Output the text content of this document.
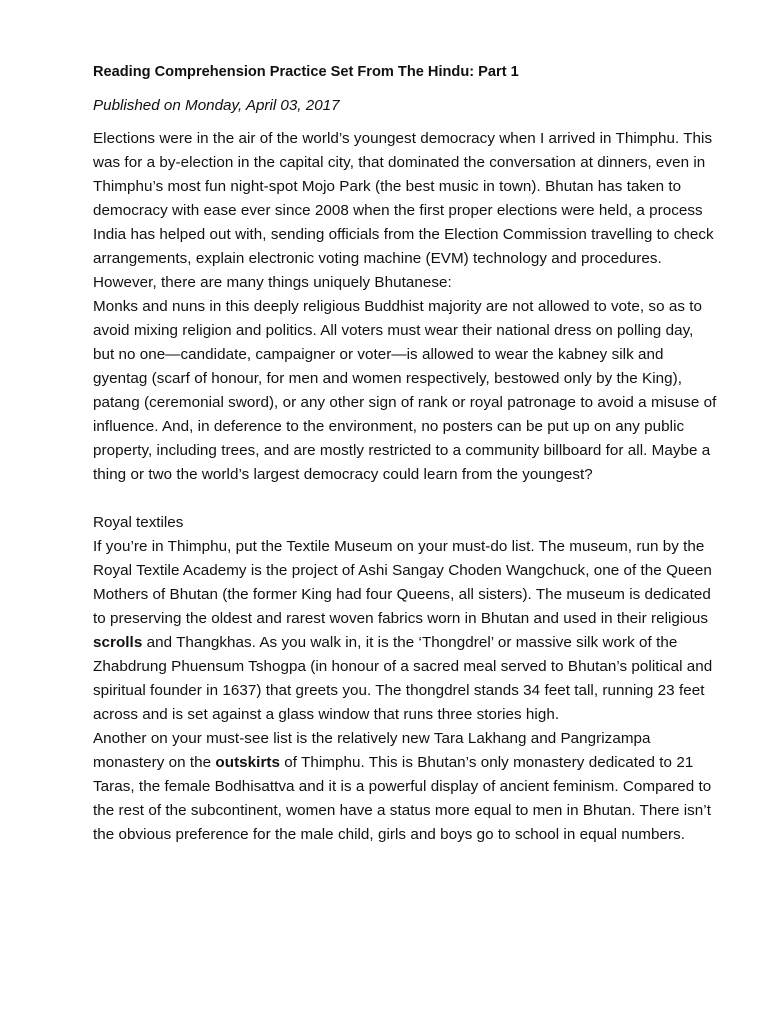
Reading Comprehension Practice Set From The Hindu: Part 1
Published on Monday, April 03, 2017

Elections were in the air of the world’s youngest democracy when I arrived in Thimphu. This was for a by-election in the capital city, that dominated the conversation at dinners, even in Thimphu’s most fun night-spot Mojo Park (the best music in town). Bhutan has taken to democracy with ease ever since 2008 when the first proper elections were held, a process India has helped out with, sending officials from the Election Commission travelling to check arrangements, explain electronic voting machine (EVM) technology and procedures. However, there are many things uniquely Bhutanese:

Monks and nuns in this deeply religious Buddhist majority are not allowed to vote, so as to avoid mixing religion and politics. All voters must wear their national dress on polling day, but no one—candidate, campaigner or voter—is allowed to wear the kabney silk and gyentag (scarf of honour, for men and women respectively, bestowed only by the King), patang (ceremonial sword), or any other sign of rank or royal patronage to avoid a misuse of influence. And, in deference to the environment, no posters can be put up on any public property, including trees, and are mostly restricted to a community billboard for all. Maybe a thing or two the world’s largest democracy could learn from the youngest?

Royal textiles

If you’re in Thimphu, put the Textile Museum on your must-do list. The museum, run by the Royal Textile Academy is the project of Ashi Sangay Choden Wangchuck, one of the Queen Mothers of Bhutan (the former King had four Queens, all sisters). The museum is dedicated to preserving the oldest and rarest woven fabrics worn in Bhutan and used in their religious scrolls and Thangkhas. As you walk in, it is the ‘Thongdrel’ or massive silk work of the Zhabdrung Phuensum Tshogpa (in honour of a sacred meal served to Bhutan’s political and spiritual founder in 1637) that greets you. The thongdrel stands 34 feet tall, running 23 feet across and is set against a glass window that runs three stories high.

Another on your must-see list is the relatively new Tara Lakhang and Pangrizampa monastery on the outskirts of Thimphu. This is Bhutan’s only monastery dedicated to 21 Taras, the female Bodhisattva and it is a powerful display of ancient feminism. Compared to the rest of the subcontinent, women have a status more equal to men in Bhutan. There isn’t the obvious preference for the male child, girls and boys go to school in equal numbers.
